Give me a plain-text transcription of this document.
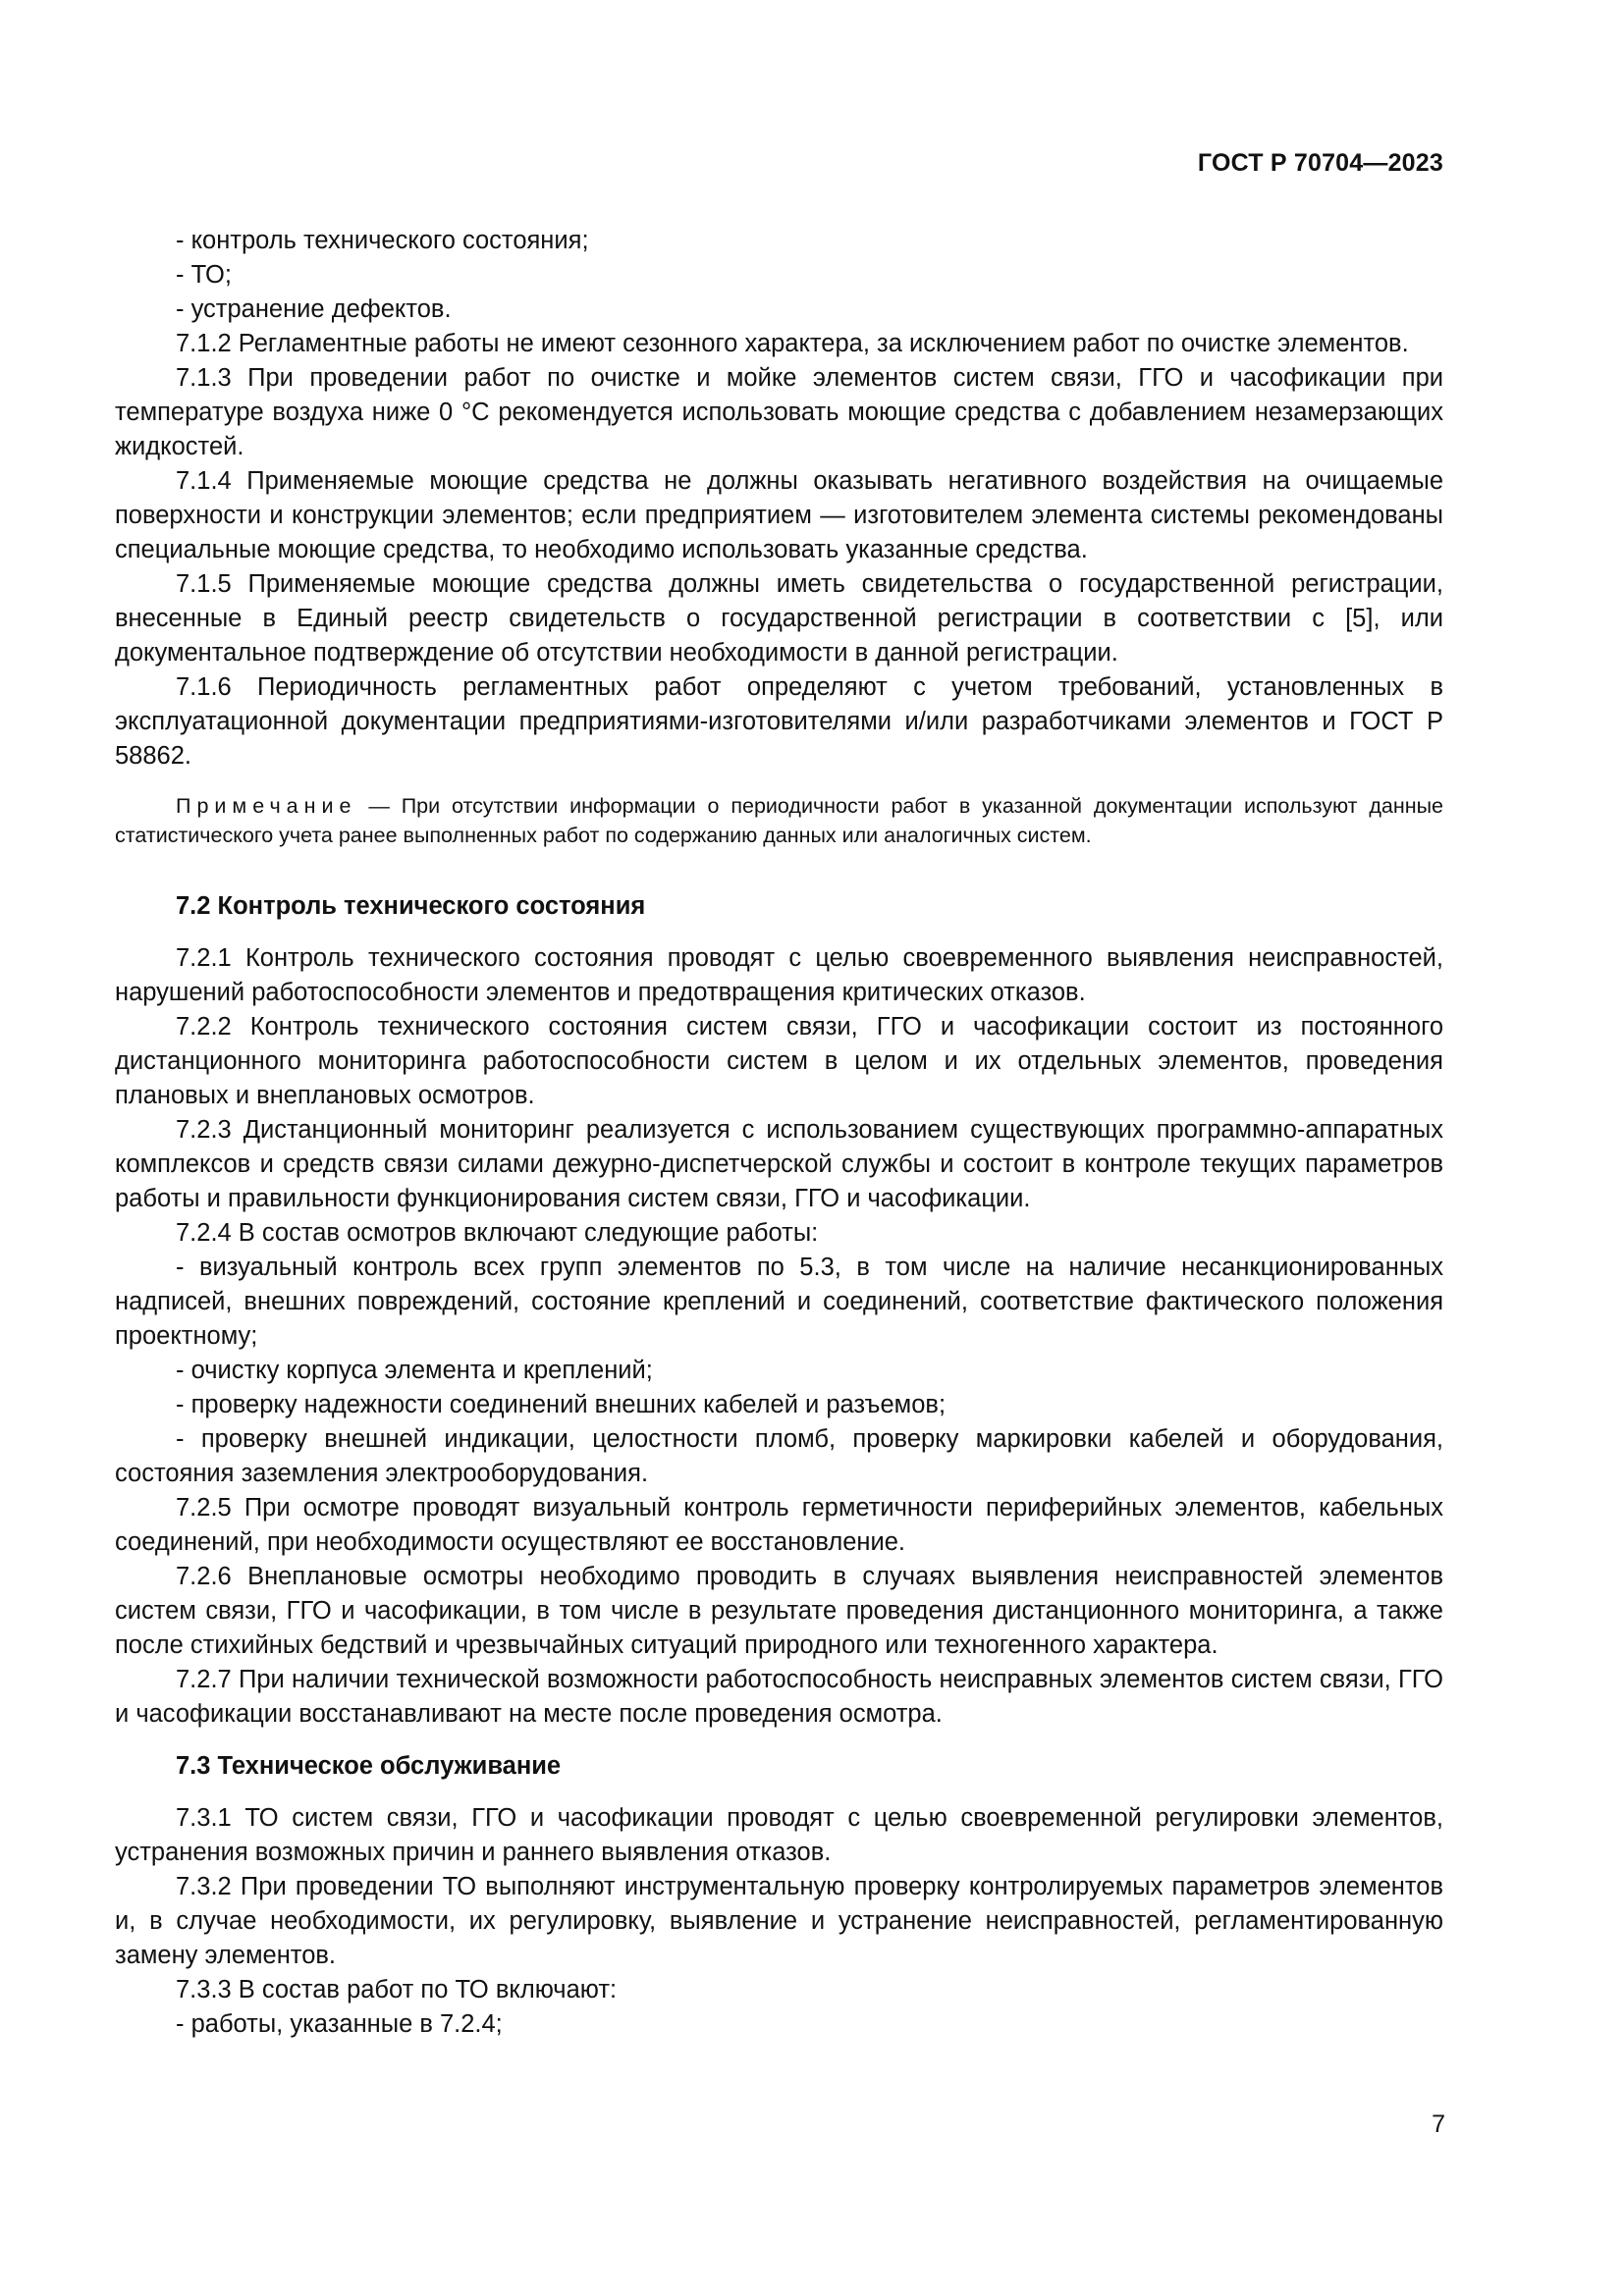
ГОСТ Р 70704—2023

- контроль технического состояния;

- ТО;

- устранение дефектов.

7.1.2 Регламентные работы не имеют сезонного характера, за исключением работ по очистке элементов.

7.1.3 При проведении работ по очистке и мойке элементов систем связи, ГГО и часофикации при температуре воздуха ниже 0 °С рекомендуется использовать моющие средства с добавлением незамерзающих жидкостей.

7.1.4 Применяемые моющие средства не должны оказывать негативного воздействия на очищаемые поверхности и конструкции элементов; если предприятием — изготовителем элемента системы рекомендованы специальные моющие средства, то необходимо использовать указанные средства.

7.1.5 Применяемые моющие средства должны иметь свидетельства о государственной регистрации, внесенные в Единый реестр свидетельств о государственной регистрации в соответствии с [5], или документальное подтверждение об отсутствии необходимости в данной регистрации.

7.1.6 Периодичность регламентных работ определяют с учетом требований, установленных в эксплуатационной документации предприятиями-изготовителями и/или разработчиками элементов и ГОСТ Р 58862.

Примечание — При отсутствии информации о периодичности работ в указанной документации используют данные статистического учета ранее выполненных работ по содержанию данных или аналогичных систем.

7.2 Контроль технического состояния

7.2.1 Контроль технического состояния проводят с целью своевременного выявления неисправностей, нарушений работоспособности элементов и предотвращения критических отказов.

7.2.2 Контроль технического состояния систем связи, ГГО и часофикации состоит из постоянного дистанционного мониторинга работоспособности систем в целом и их отдельных элементов, проведения плановых и внеплановых осмотров.

7.2.3 Дистанционный мониторинг реализуется с использованием существующих программно-аппаратных комплексов и средств связи силами дежурно-диспетчерской службы и состоит в контроле текущих параметров работы и правильности функционирования систем связи, ГГО и часофикации.

7.2.4 В состав осмотров включают следующие работы:

- визуальный контроль всех групп элементов по 5.3, в том числе на наличие несанкционированных надписей, внешних повреждений, состояние креплений и соединений, соответствие фактического положения проектному;

- очистку корпуса элемента и креплений;

- проверку надежности соединений внешних кабелей и разъемов;

- проверку внешней индикации, целостности пломб, проверку маркировки кабелей и оборудования, состояния заземления электрооборудования.

7.2.5 При осмотре проводят визуальный контроль герметичности периферийных элементов, кабельных соединений, при необходимости осуществляют ее восстановление.

7.2.6 Внеплановые осмотры необходимо проводить в случаях выявления неисправностей элементов систем связи, ГГО и часофикации, в том числе в результате проведения дистанционного мониторинга, а также после стихийных бедствий и чрезвычайных ситуаций природного или техногенного характера.

7.2.7 При наличии технической возможности работоспособность неисправных элементов систем связи, ГГО и часофикации восстанавливают на месте после проведения осмотра.

7.3 Техническое обслуживание

7.3.1 ТО систем связи, ГГО и часофикации проводят с целью своевременной регулировки элементов, устранения возможных причин и раннего выявления отказов.

7.3.2 При проведении ТО выполняют инструментальную проверку контролируемых параметров элементов и, в случае необходимости, их регулировку, выявление и устранение неисправностей, регламентированную замену элементов.

7.3.3 В состав работ по ТО включают:

- работы, указанные в 7.2.4;

7
